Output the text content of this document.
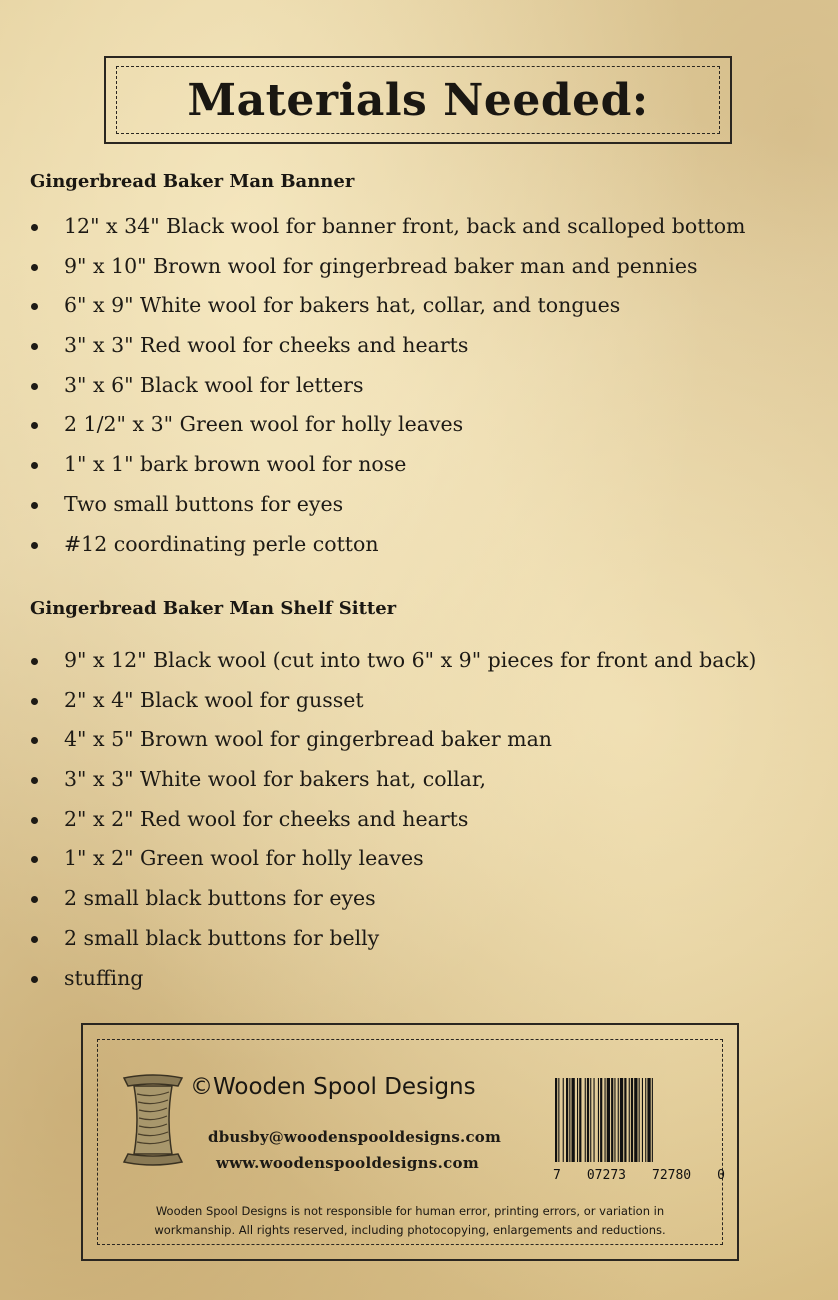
Materials Needed:
Gingerbread Baker Man Banner
12" x 34" Black wool for banner front, back and scalloped bottom
9" x 10" Brown wool for gingerbread baker man and pennies
6" x 9" White wool for bakers hat, collar, and tongues
3" x 3" Red wool for cheeks and hearts
3" x 6" Black wool for letters
2 1/2" x 3" Green wool for holly leaves
1" x 1" bark brown wool for nose
Two small buttons for eyes
#12 coordinating perle cotton
Gingerbread Baker Man Shelf Sitter
9" x 12" Black wool (cut into two 6" x 9" pieces for front and back)
2" x 4" Black wool for gusset
4" x 5" Brown wool for gingerbread baker man
3" x 3" White wool for bakers hat, collar,
2" x 2" Red wool for cheeks and hearts
1" x 2" Green wool for holly leaves
2 small black buttons for eyes
2 small black buttons for belly
stuffing
©Wooden Spool Designs
dbusby@woodenspooldesigns.com
www.woodenspooldesigns.com
7 07273 72780 0
Wooden Spool Designs is not responsible for human error, printing errors, or variation in
workmanship. All rights reserved, including photocopying, enlargements and reductions.
